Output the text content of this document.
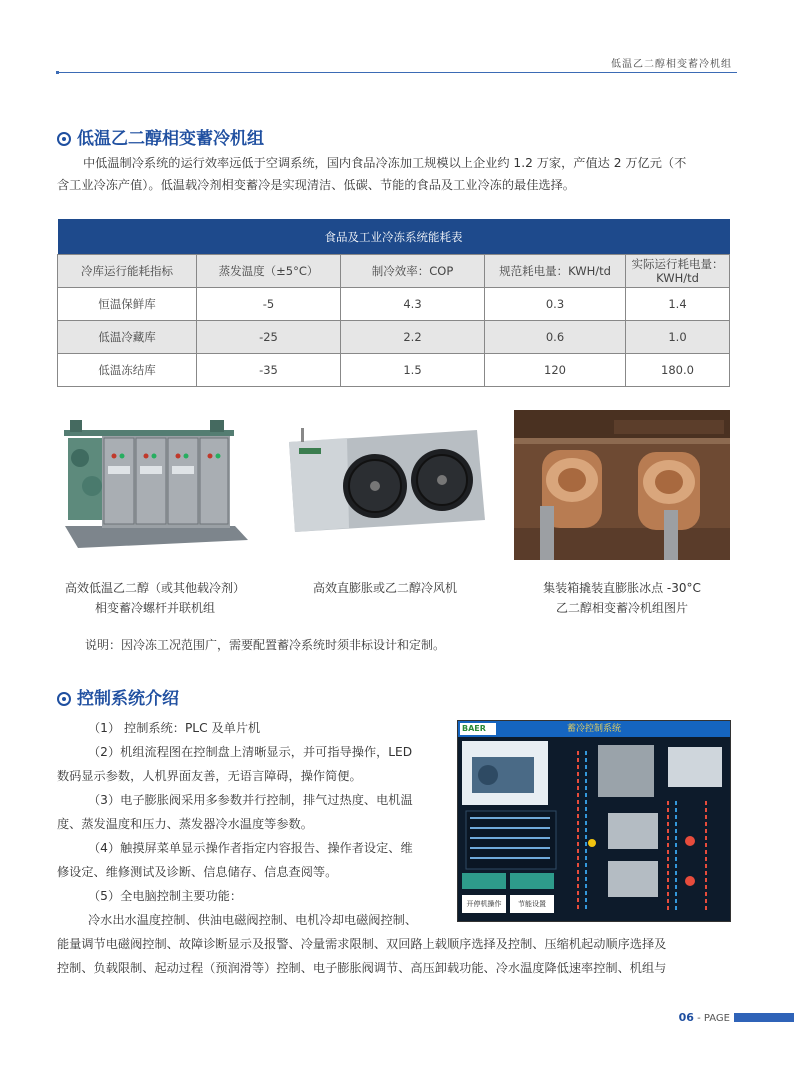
低温乙二醇相变蓄冷机组
低温乙二醇相变蓄冷机组
中低温制冷系统的运行效率远低于空调系统，国内食品冷冻加工规模以上企业约 1.2 万家，产值达 2 万亿元（不
含工业冷冻产值）。低温载冷剂相变蓄冷是实现清洁、低碳、节能的食品及工业冷冻的最佳选择。
食品及工业冷冻系统能耗表				
冷库运行能耗指标	蒸发温度（±5°C）	制冷效率：COP	规范耗电量：KWH/td	实际运行耗电量：KWH/td
恒温保鲜库	-5	4.3	0.3	1.4
低温冷藏库	-25	2.2	0.6	1.0
低温冻结库	-35	1.5	120	180.0
高效低温乙二醇（或其他载冷剂）
相变蓄冷螺杆并联机组
高效直膨胀或乙二醇冷风机	集装箱撬装直膨胀冰点 -30°C
乙二醇相变蓄冷机组图片
说明：因冷冻工况范围广，需要配置蓄冷系统时须非标设计和定制。
控制系统介绍
（1） 控制系统：PLC 及单片机
（2）机组流程图在控制盘上清晰显示，并可指导操作，LED
数码显示参数，人机界面友善，无语言障碍，操作简便。
（3）电子膨胀阀采用多参数并行控制，排气过热度、电机温
度、蒸发温度和压力、蒸发器冷水温度等参数。
（4）触摸屏菜单显示操作者指定内容报告、操作者设定、维
修设定、维修测试及诊断、信息储存、信息查阅等。
（5）全电脑控制主要功能：
冷水出水温度控制、供油电磁阀控制、电机冷却电磁阀控制、
能量调节电磁阀控制、故障诊断显示及报警、冷量需求限制、双回路上载顺序选择及控制、压缩机起动顺序选择及
控制、负载限制、起动过程（预润滑等）控制、电子膨胀阀调节、高压卸载功能、冷水温度降低速率控制、机组与
蓄冷控制系统
BAER
开停机操作	节能设置
06 - PAGE
